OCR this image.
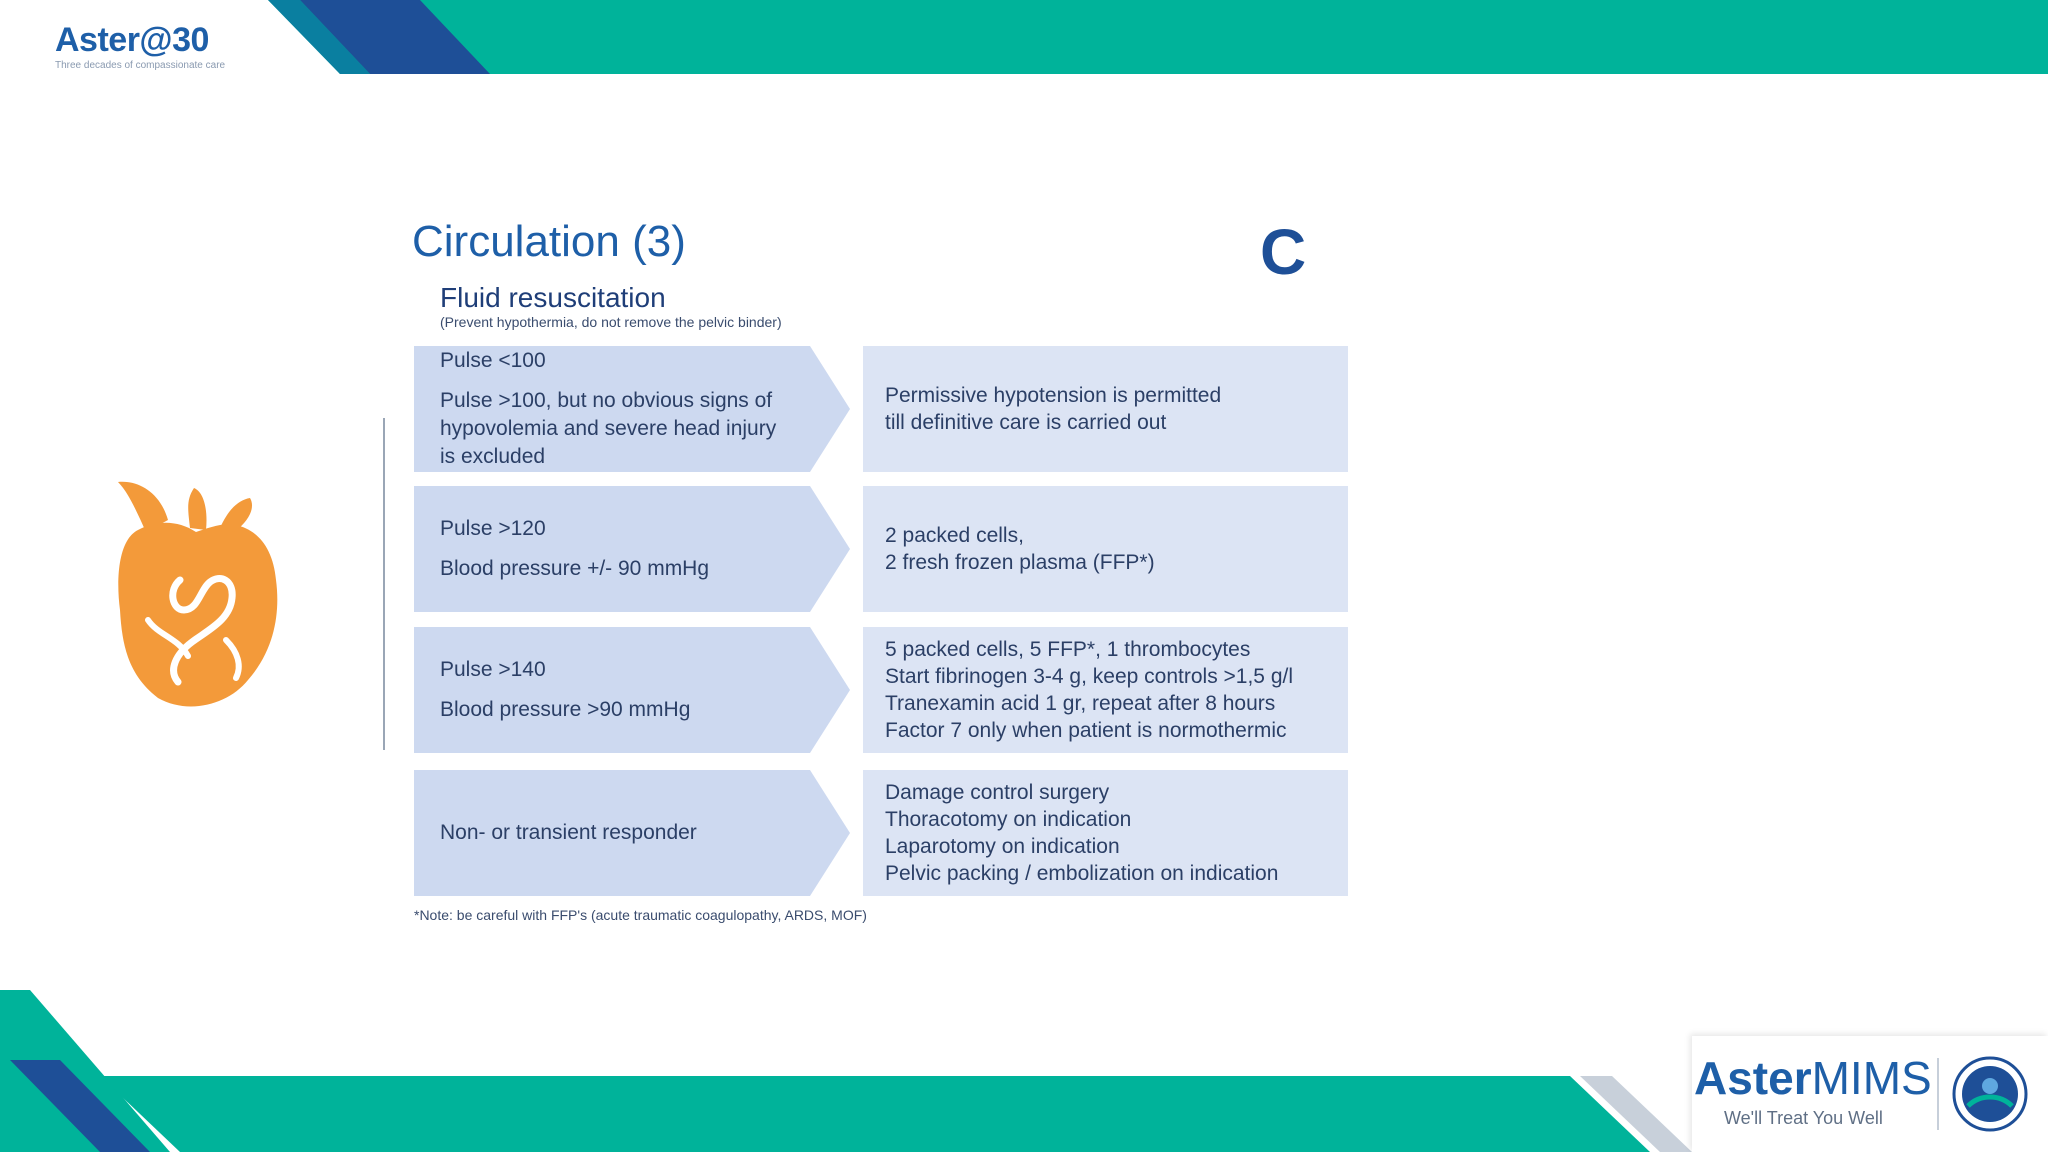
Aster@30
Three decades of compassionate care
Circulation (3)	C
Fluid resuscitation
(Prevent hypothermia, do not remove the pelvic binder)
Pulse <100
Pulse >100, but no obvious signs of
hypovolemia and severe head injury
is excluded
Permissive hypotension is permitted
till definitive care is carried out
Pulse >120
Blood pressure +/- 90 mmHg
2 packed cells,
2 fresh frozen plasma (FFP*)
Pulse >140
Blood pressure >90 mmHg
5 packed cells, 5 FFP*, 1 thrombocytes
Start fibrinogen 3-4 g, keep controls >1,5 g/l
Tranexamin acid 1 gr, repeat after 8 hours
Factor 7 only when patient is normothermic
Non- or transient responder
Damage control surgery
Thoracotomy on indication
Laparotomy on indication
Pelvic packing / embolization on indication
*Note: be careful with FFP's (acute traumatic coagulopathy, ARDS, MOF)
AsterMIMS
We'll Treat You Well
